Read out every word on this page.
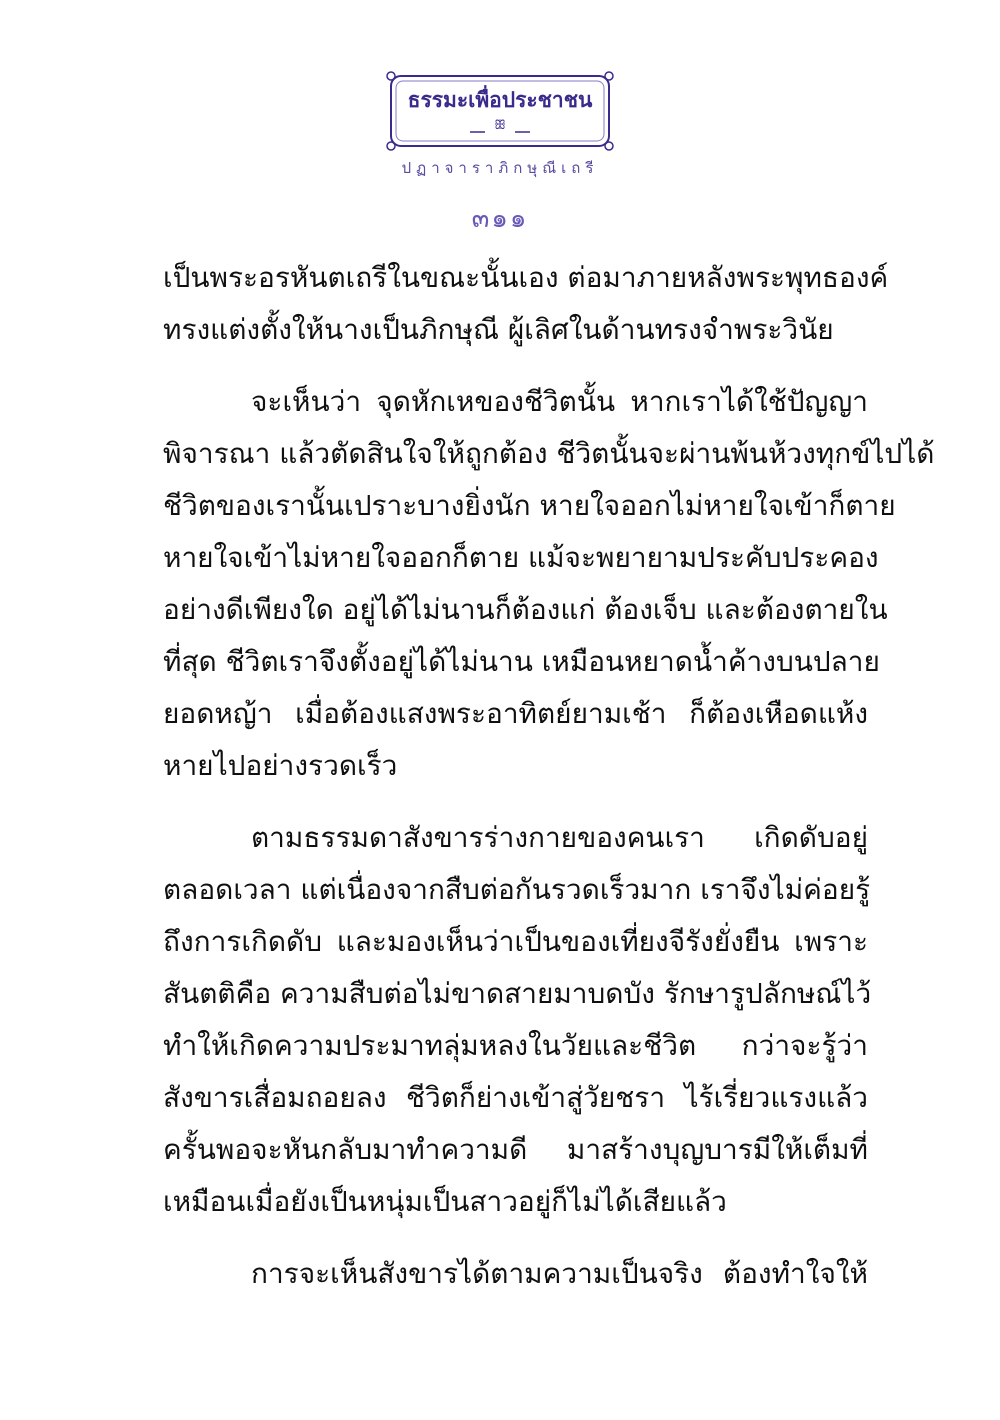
ธรรมะเพื่อประชาชน
ꕥ
ปฏาจาราภิกษุณีเถรี
๓๑๑
เป็นพระอรหันตเถรีในขณะนั้นเอง ต่อมาภายหลังพระพุทธองค์
ทรงแต่งตั้งให้นางเป็นภิกษุณี ผู้เลิศในด้านทรงจำพระวินัย
จะเห็นว่า จุดหักเหของชีวิตนั้น หากเราได้ใช้ปัญญา
พิจารณา แล้วตัดสินใจให้ถูกต้อง ชีวิตนั้นจะผ่านพ้นห้วงทุกข์ไปได้
ชีวิตของเรานั้นเปราะบางยิ่งนัก หายใจออกไม่หายใจเข้าก็ตาย
หายใจเข้าไม่หายใจออกก็ตาย แม้จะพยายามประคับประคอง
อย่างดีเพียงใด อยู่ได้ไม่นานก็ต้องแก่ ต้องเจ็บ และต้องตายใน
ที่สุด ชีวิตเราจึงตั้งอยู่ได้ไม่นาน เหมือนหยาดน้ำค้างบนปลาย
ยอดหญ้า เมื่อต้องแสงพระอาทิตย์ยามเช้า ก็ต้องเหือดแห้ง
หายไปอย่างรวดเร็ว
ตามธรรมดาสังขารร่างกายของคนเรา เกิดดับอยู่
ตลอดเวลา แต่เนื่องจากสืบต่อกันรวดเร็วมาก เราจึงไม่ค่อยรู้
ถึงการเกิดดับ และมองเห็นว่าเป็นของเที่ยงจีรังยั่งยืน เพราะ
สันตติคือ ความสืบต่อไม่ขาดสายมาบดบัง รักษารูปลักษณ์ไว้
ทำให้เกิดความประมาทลุ่มหลงในวัยและชีวิต กว่าจะรู้ว่า
สังขารเสื่อมถอยลง ชีวิตก็ย่างเข้าสู่วัยชรา ไร้เรี่ยวแรงแล้ว
ครั้นพอจะหันกลับมาทำความดี มาสร้างบุญบารมีให้เต็มที่
เหมือนเมื่อยังเป็นหนุ่มเป็นสาวอยู่ก็ไม่ได้เสียแล้ว
การจะเห็นสังขารได้ตามความเป็นจริง ต้องทำใจให้
